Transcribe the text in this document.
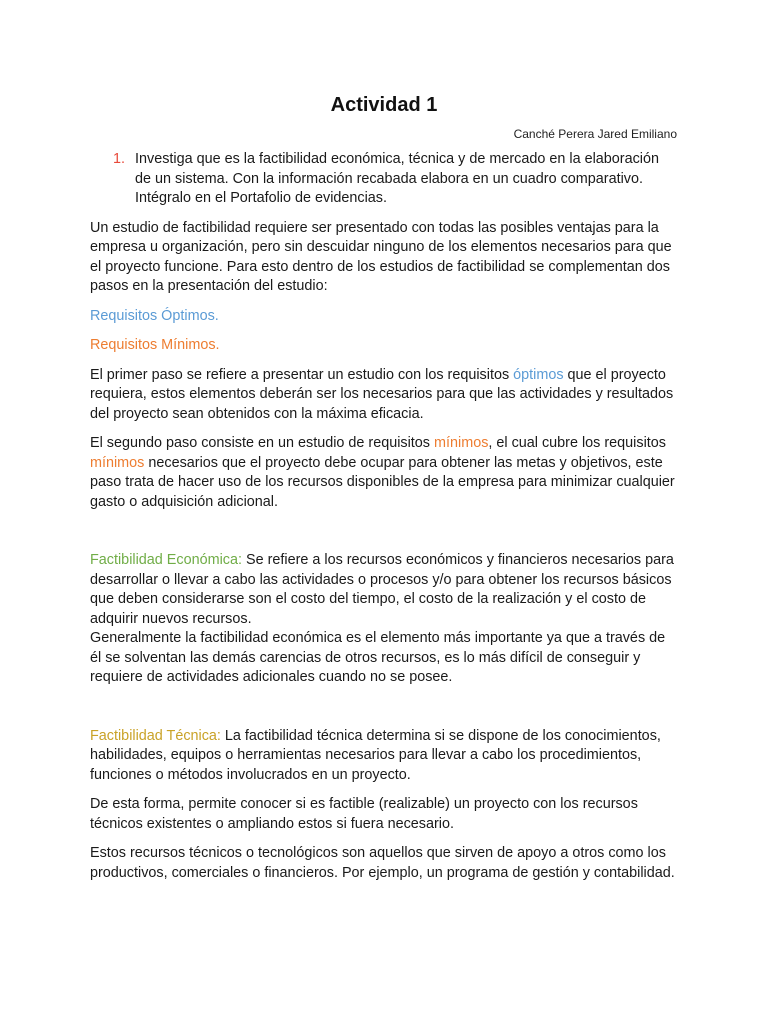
Actividad 1
Canché Perera Jared Emiliano
1. Investiga que es la factibilidad económica, técnica y de mercado en la elaboración de un sistema. Con la información recabada elabora en un cuadro comparativo. Intégralo en el Portafolio de evidencias.

Un estudio de factibilidad requiere ser presentado con todas las posibles ventajas para la empresa u organización, pero sin descuidar ninguno de los elementos necesarios para que el proyecto funcione. Para esto dentro de los estudios de factibilidad se complementan dos pasos en la presentación del estudio:

Requisitos Óptimos.

Requisitos Mínimos.

El primer paso se refiere a presentar un estudio con los requisitos óptimos que el proyecto requiera, estos elementos deberán ser los necesarios para que las actividades y resultados del proyecto sean obtenidos con la máxima eficacia.

El segundo paso consiste en un estudio de requisitos mínimos, el cual cubre los requisitos mínimos necesarios que el proyecto debe ocupar para obtener las metas y objetivos, este paso trata de hacer uso de los recursos disponibles de la empresa para minimizar cualquier gasto o adquisición adicional.

Factibilidad Económica: Se refiere a los recursos económicos y financieros necesarios para desarrollar o llevar a cabo las actividades o procesos y/o para obtener los recursos básicos que deben considerarse son el costo del tiempo, el costo de la realización y el costo de adquirir nuevos recursos.

Generalmente la factibilidad económica es el elemento más importante ya que a través de él se solventan las demás carencias de otros recursos, es lo más difícil de conseguir y requiere de actividades adicionales cuando no se posee.

Factibilidad Técnica: La factibilidad técnica determina si se dispone de los conocimientos, habilidades, equipos o herramientas necesarios para llevar a cabo los procedimientos, funciones o métodos involucrados en un proyecto.

De esta forma, permite conocer si es factible (realizable) un proyecto con los recursos técnicos existentes o ampliando estos si fuera necesario.

Estos recursos técnicos o tecnológicos son aquellos que sirven de apoyo a otros como los productivos, comerciales o financieros. Por ejemplo, un programa de gestión y contabilidad.
